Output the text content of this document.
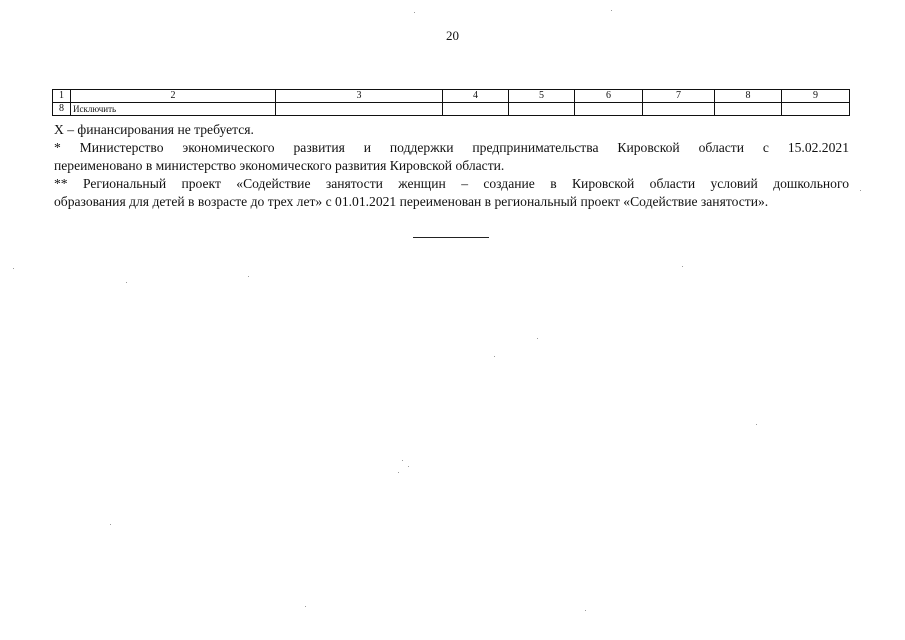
20
1	2	3	4	5	6	7	8	9
8	Исключить							

Х – финансирования не требуется.

* Министерство экономического развития и поддержки предпринимательства Кировской области с 15.02.2021

переименовано в министерство экономического развития Кировской области.

** Региональный проект «Содействие занятости женщин – создание в Кировской области условий дошкольного

образования для детей в возрасте до трех лет» с 01.01.2021 переименован в региональный проект «Содействие занятости».
